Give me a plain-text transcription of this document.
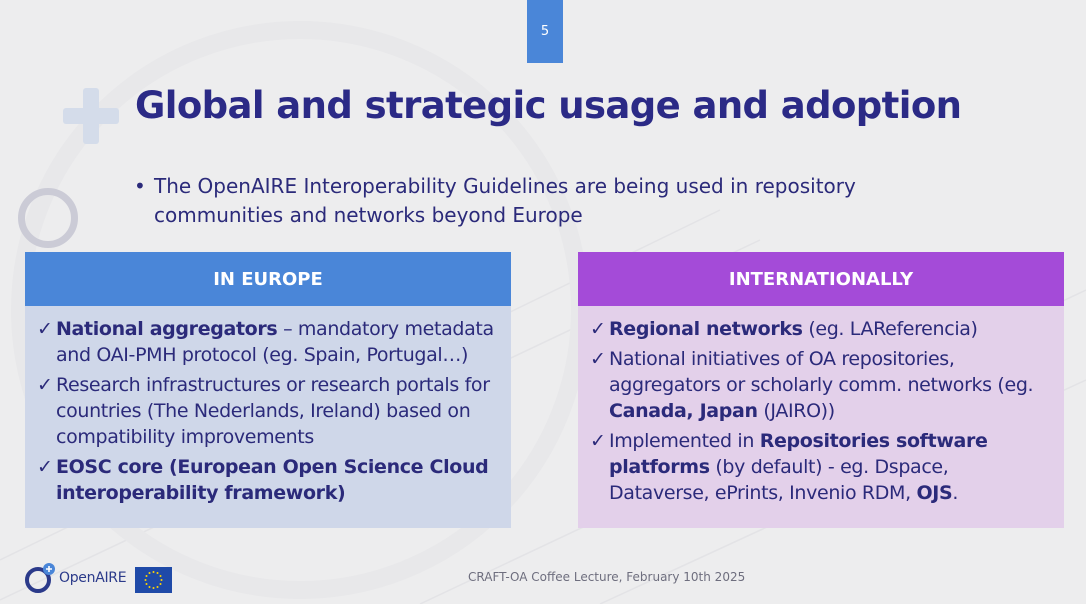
5
Global and strategic usage and adoption
• The OpenAIRE Interoperability Guidelines are being used in repository communities and networks beyond Europe
IN EUROPE
✓ National aggregators – mandatory metadata and OAI-PMH protocol (eg. Spain, Portugal…)
✓ Research infrastructures or research portals for countries (The Nederlands, Ireland) based on compatibility improvements
✓ EOSC core (European Open Science Cloud interoperability framework)
INTERNATIONALLY
✓ Regional networks (eg. LAReferencia)
✓ National initiatives of OA repositories, aggregators or scholarly comm. networks (eg. Canada, Japan (JAIRO))
✓ Implemented in Repositories software platforms (by default) - eg. Dspace, Dataverse, ePrints, Invenio RDM, OJS.
OpenAIRE	CRAFT-OA Coffee Lecture, February 10th 2025
